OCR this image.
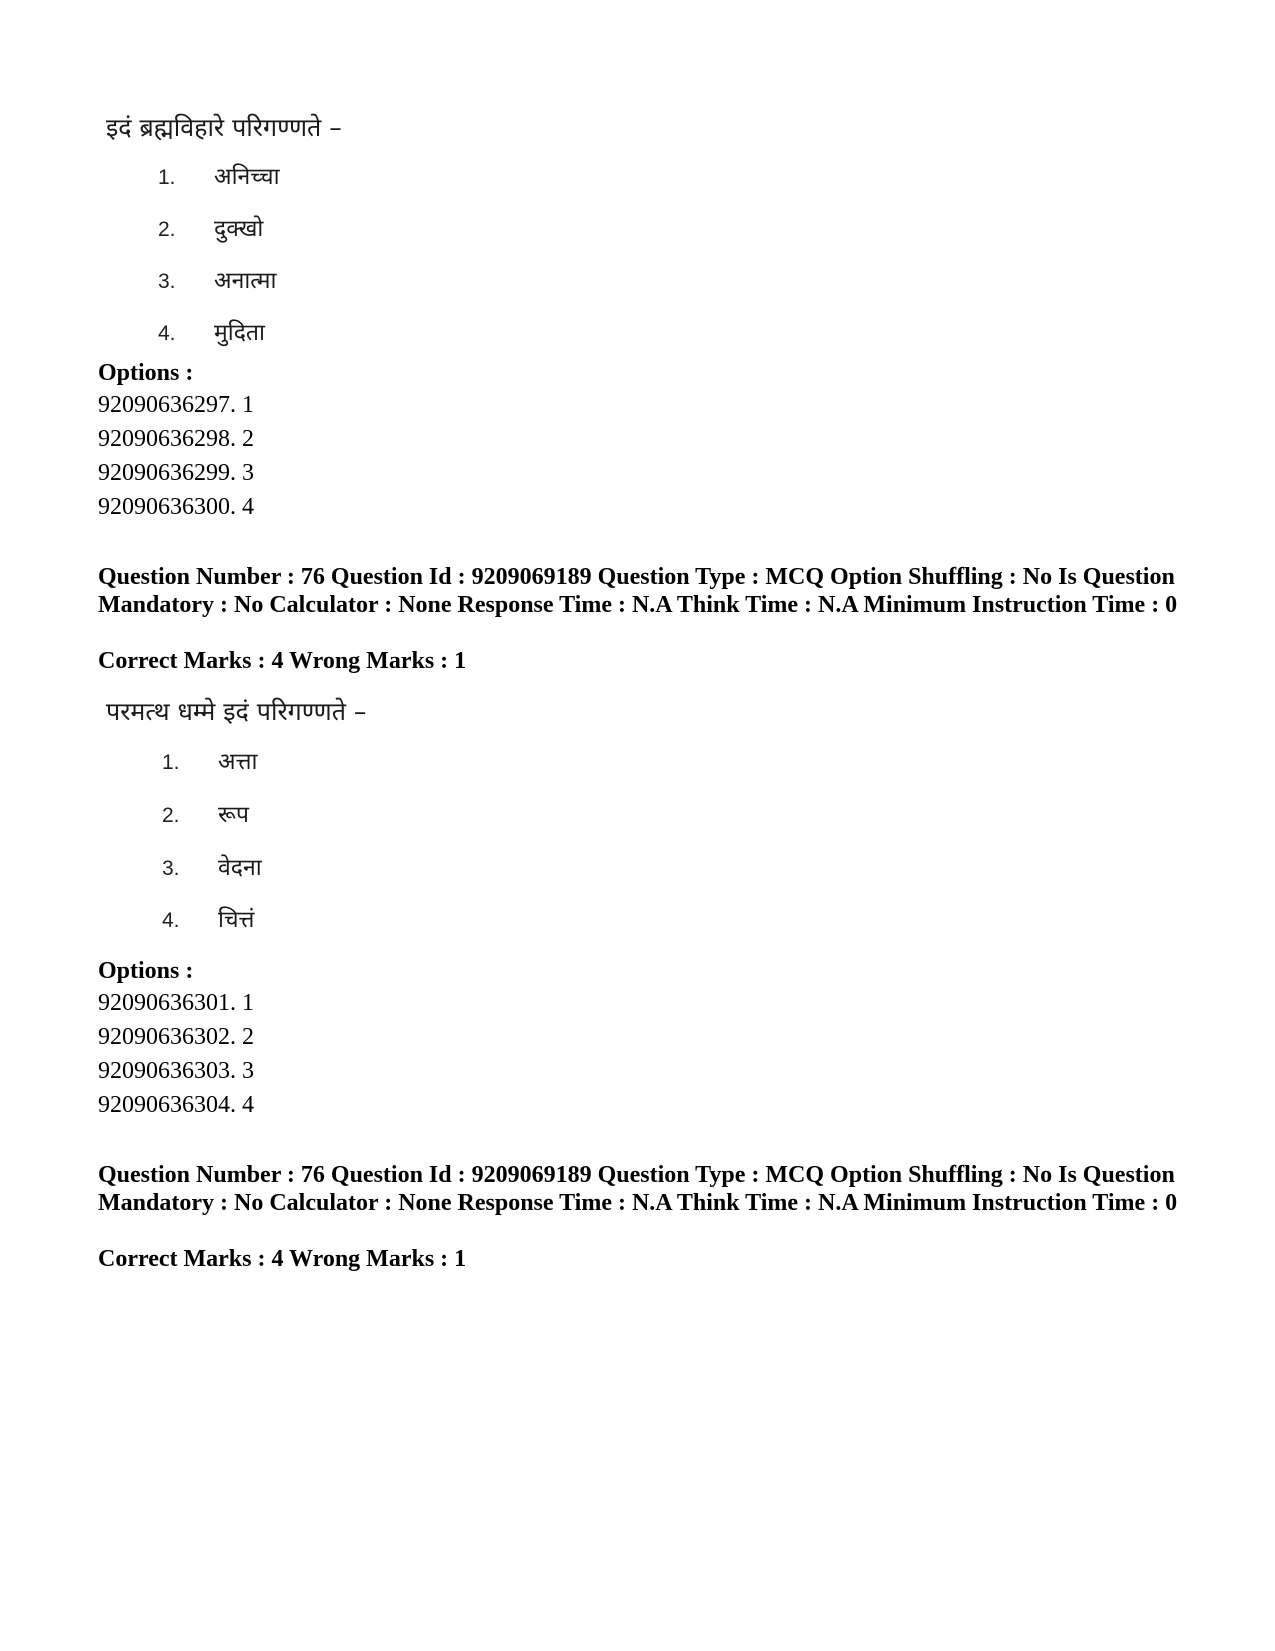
इदं ब्रह्मविहारे परिगण्णते –
1. अनिच्चा
2. दुक्खो
3. अनात्मा
4. मुदिता
Options :
92090636297. 1
92090636298. 2
92090636299. 3
92090636300. 4
Question Number : 76 Question Id : 9209069189 Question Type : MCQ Option Shuffling : No Is Question Mandatory : No Calculator : None Response Time : N.A Think Time : N.A Minimum Instruction Time : 0
Correct Marks : 4 Wrong Marks : 1
परमत्थ धम्मे इदं परिगण्णते –
1. अत्ता
2. रूप
3. वेदना
4. चित्तं
Options :
92090636301. 1
92090636302. 2
92090636303. 3
92090636304. 4
Question Number : 76 Question Id : 9209069189 Question Type : MCQ Option Shuffling : No Is Question Mandatory : No Calculator : None Response Time : N.A Think Time : N.A Minimum Instruction Time : 0
Correct Marks : 4 Wrong Marks : 1
